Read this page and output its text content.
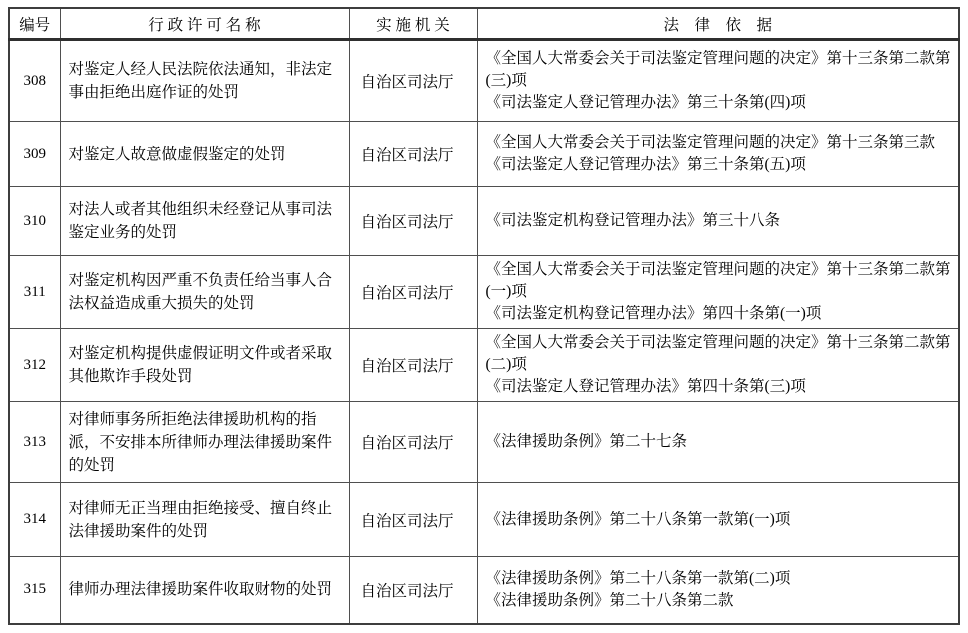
编号	行 政 许 可 名 称	实 施 机 关	法　律　依　据
308	对鉴定人经人民法院依法通知，非法定事由拒绝出庭作证的处罚	自治区司法厅	《全国人大常委会关于司法鉴定管理问题的决定》第十三条第二款第(三)项
《司法鉴定人登记管理办法》第三十条第(四)项

309	对鉴定人故意做虚假鉴定的处罚	自治区司法厅	《全国人大常委会关于司法鉴定管理问题的决定》第十三条第三款
《司法鉴定人登记管理办法》第三十条第(五)项

310	对法人或者其他组织未经登记从事司法鉴定业务的处罚	自治区司法厅	《司法鉴定机构登记管理办法》第三十八条

311	对鉴定机构因严重不负责任给当事人合法权益造成重大损失的处罚	自治区司法厅	《全国人大常委会关于司法鉴定管理问题的决定》第十三条第二款第(一)项
《司法鉴定机构登记管理办法》第四十条第(一)项

312	对鉴定机构提供虚假证明文件或者采取其他欺诈手段处罚	自治区司法厅	《全国人大常委会关于司法鉴定管理问题的决定》第十三条第二款第(二)项
《司法鉴定人登记管理办法》第四十条第(三)项

313	对律师事务所拒绝法律援助机构的指派，不安排本所律师办理法律援助案件的处罚	自治区司法厅	《法律援助条例》第二十七条

314	对律师无正当理由拒绝接受、擅自终止法律援助案件的处罚	自治区司法厅	《法律援助条例》第二十八条第一款第(一)项

315	律师办理法律援助案件收取财物的处罚	自治区司法厅	《法律援助条例》第二十八条第一款第(二)项
《法律援助条例》第二十八条第二款
